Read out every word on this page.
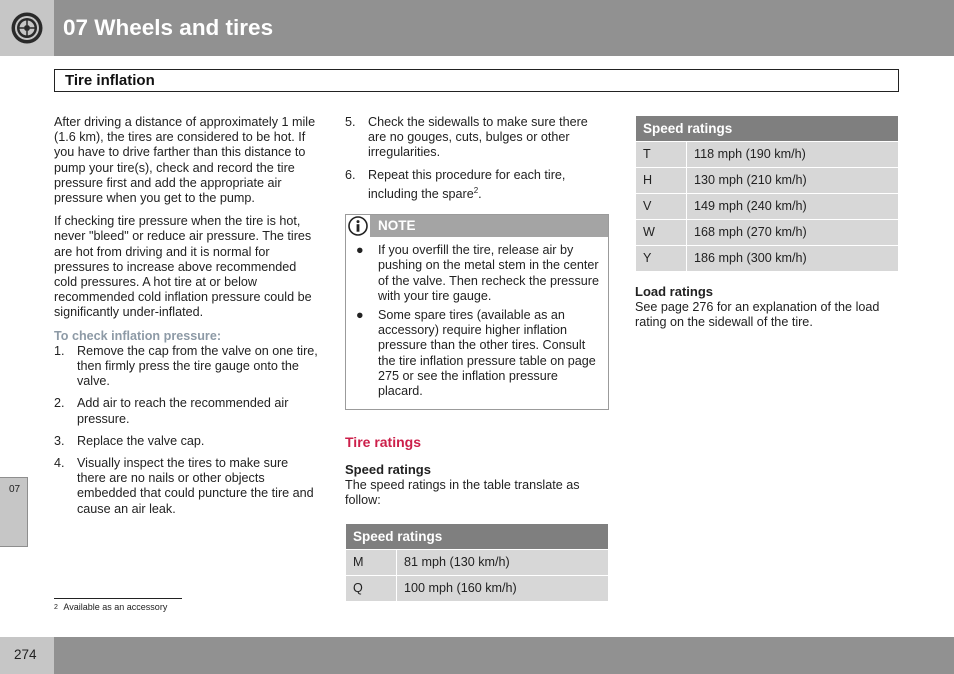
07 Wheels and tires
Tire inflation
07

After driving a distance of approximately 1 mile (1.6 km), the tires are considered to be hot. If you have to drive farther than this distance to pump your tire(s), check and record the tire pressure first and add the appropriate air pressure when you get to the pump.

If checking tire pressure when the tire is hot, never "bleed" or reduce air pressure. The tires are hot from driving and it is normal for pressures to increase above recommended cold pressures. A hot tire at or below recommended cold inflation pressure could be significantly under-inflated.

To check inflation pressure:
1. Remove the cap from the valve on one tire, then firmly press the tire gauge onto the valve.
2. Add air to reach the recommended air pressure.
3. Replace the valve cap.
4. Visually inspect the tires to make sure there are no nails or other objects embedded that could puncture the tire and cause an air leak.
5. Check the sidewalls to make sure there are no gouges, cuts, bulges or other irregularities.
6. Repeat this procedure for each tire, including the spare$^2$.
NOTE
● If you overfill the tire, release air by pushing on the metal stem in the center of the valve. Then recheck the pressure with your tire gauge.
● Some spare tires (available as an accessory) require higher inflation pressure than the other tires. Consult the tire inflation pressure table on page 275 or see the inflation pressure placard.
Tire ratings
Speed ratings

The speed ratings in the table translate as follow:

Speed ratings	
M	81 mph (130 km/h)
Q	100 mph (160 km/h)
Speed ratings	
T	118 mph (190 km/h)
H	130 mph (210 km/h)
V	149 mph (240 km/h)
W	168 mph (270 km/h)
Y	186 mph (300 km/h)
Load ratings

See page 276 for an explanation of the load rating on the sidewall of the tire.

$^2$ Available as an accessory
274
